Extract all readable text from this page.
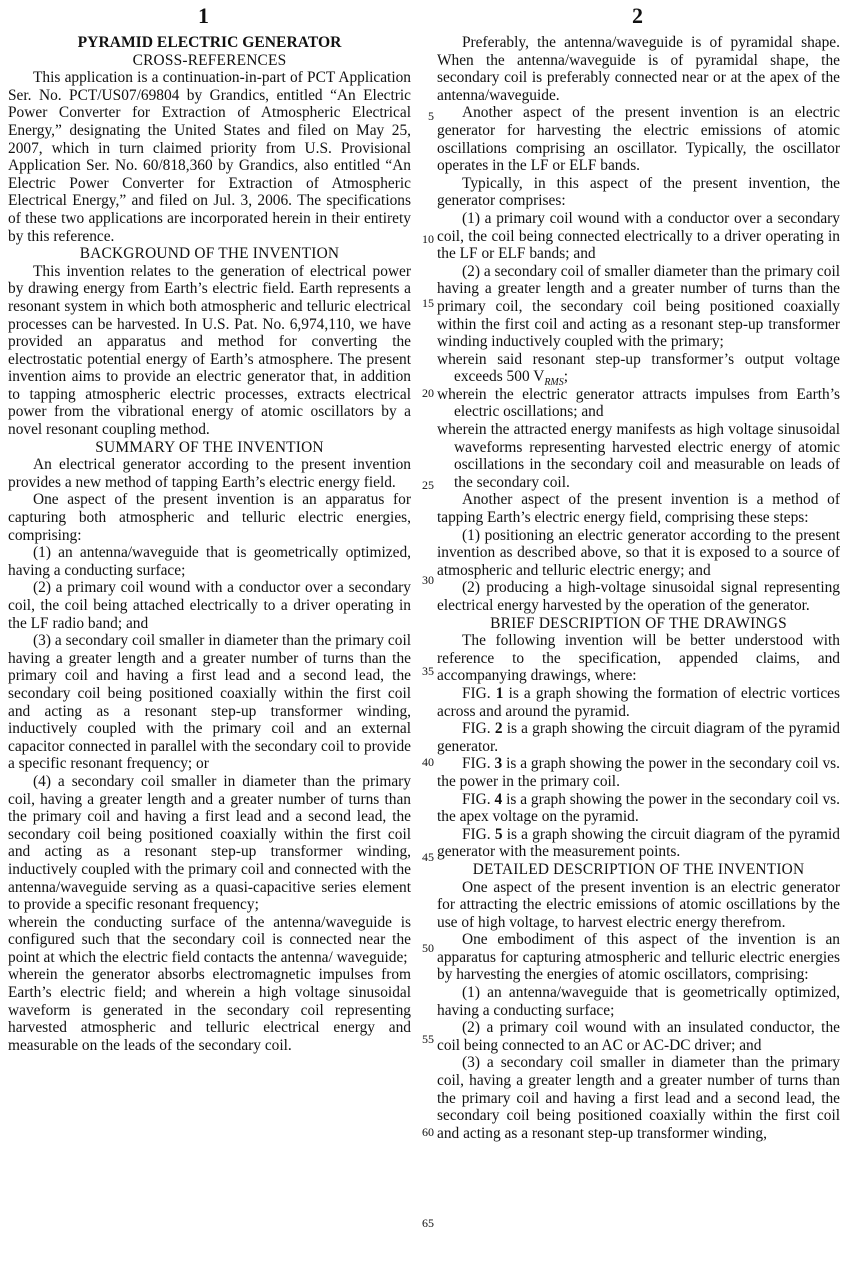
1	2

PYRAMID ELECTRIC GENERATOR

CROSS-REFERENCES

This application is a continuation-in-part of PCT Application Ser. No. PCT/US07/69804 by Grandics, entitled “An Electric Power Converter for Extraction of Atmospheric Electrical Energy,” designating the United States and filed on May 25, 2007, which in turn claimed priority from U.S. Provisional Application Ser. No. 60/818,360 by Grandics, also entitled “An Electric Power Converter for Extraction of Atmospheric Electrical Energy,” and filed on Jul. 3, 2006. The specifications of these two applications are incorporated herein in their entirety by this reference.

BACKGROUND OF THE INVENTION

This invention relates to the generation of electrical power by drawing energy from Earth’s electric field. Earth represents a resonant system in which both atmospheric and telluric electrical processes can be harvested. In U.S. Pat. No. 6,974,110, we have provided an apparatus and method for converting the electrostatic potential energy of Earth’s atmosphere. The present invention aims to provide an electric generator that, in addition to tapping atmospheric electric processes, extracts electrical power from the vibrational energy of atomic oscillators by a novel resonant coupling method.

SUMMARY OF THE INVENTION

An electrical generator according to the present invention provides a new method of tapping Earth’s electric energy field.

One aspect of the present invention is an apparatus for capturing both atmospheric and telluric electric energies, comprising:

(1) an antenna/waveguide that is geometrically optimized, having a conducting surface;

(2) a primary coil wound with a conductor over a secondary coil, the coil being attached electrically to a driver operating in the LF radio band; and

(3) a secondary coil smaller in diameter than the primary coil having a greater length and a greater number of turns than the primary coil and having a first lead and a second lead, the secondary coil being positioned coaxially within the first coil and acting as a resonant step-up transformer winding, inductively coupled with the primary coil and an external capacitor connected in parallel with the secondary coil to provide a specific resonant frequency; or

(4) a secondary coil smaller in diameter than the primary coil, having a greater length and a greater number of turns than the primary coil and having a first lead and a second lead, the secondary coil being positioned coaxially within the first coil and acting as a resonant step-up transformer winding, inductively coupled with the primary coil and connected with the antenna/waveguide serving as a quasi-capacitive series element to provide a specific resonant frequency;

wherein the conducting surface of the antenna/waveguide is configured such that the secondary coil is connected near the point at which the electric field contacts the antenna/ waveguide;

wherein the generator absorbs electromagnetic impulses from Earth’s electric field; and wherein a high voltage sinusoidal waveform is generated in the secondary coil representing harvested atmospheric and telluric electrical energy and measurable on the leads of the secondary coil.

5
10
15
20
25
30
35
40
45
50
55
60
65

Preferably, the antenna/waveguide is of pyramidal shape. When the antenna/waveguide is of pyramidal shape, the secondary coil is preferably connected near or at the apex of the antenna/waveguide.

Another aspect of the present invention is an electric generator for harvesting the electric emissions of atomic oscillations comprising an oscillator. Typically, the oscillator operates in the LF or ELF bands.

Typically, in this aspect of the present invention, the generator comprises:

(1) a primary coil wound with a conductor over a secondary coil, the coil being connected electrically to a driver operating in the LF or ELF bands; and

(2) a secondary coil of smaller diameter than the primary coil having a greater length and a greater number of turns than the primary coil, the secondary coil being positioned coaxially within the first coil and acting as a resonant step-up transformer winding inductively coupled with the primary;

wherein said resonant step-up transformer’s output voltage exceeds 500 $V_{RMS}$;

wherein the electric generator attracts impulses from Earth’s electric oscillations; and

wherein the attracted energy manifests as high voltage sinusoidal waveforms representing harvested electric energy of atomic oscillations in the secondary coil and measurable on leads of the secondary coil.

Another aspect of the present invention is a method of tapping Earth’s electric energy field, comprising these steps:

(1) positioning an electric generator according to the present invention as described above, so that it is exposed to a source of atmospheric and telluric electric energy; and

(2) producing a high-voltage sinusoidal signal representing electrical energy harvested by the operation of the generator.

BRIEF DESCRIPTION OF THE DRAWINGS

The following invention will be better understood with reference to the specification, appended claims, and accompanying drawings, where:

FIG. 1 is a graph showing the formation of electric vortices across and around the pyramid.

FIG. 2 is a graph showing the circuit diagram of the pyramid generator.

FIG. 3 is a graph showing the power in the secondary coil vs. the power in the primary coil.

FIG. 4 is a graph showing the power in the secondary coil vs. the apex voltage on the pyramid.

FIG. 5 is a graph showing the circuit diagram of the pyramid generator with the measurement points.

DETAILED DESCRIPTION OF THE INVENTION

One aspect of the present invention is an electric generator for attracting the electric emissions of atomic oscillations by the use of high voltage, to harvest electric energy therefrom.

One embodiment of this aspect of the invention is an apparatus for capturing atmospheric and telluric electric energies by harvesting the energies of atomic oscillators, comprising:

(1) an antenna/waveguide that is geometrically optimized, having a conducting surface;

(2) a primary coil wound with an insulated conductor, the coil being connected to an AC or AC-DC driver; and

(3) a secondary coil smaller in diameter than the primary coil, having a greater length and a greater number of turns than the primary coil and having a first lead and a second lead, the secondary coil being positioned coaxially within the first coil and acting as a resonant step-up transformer winding,
